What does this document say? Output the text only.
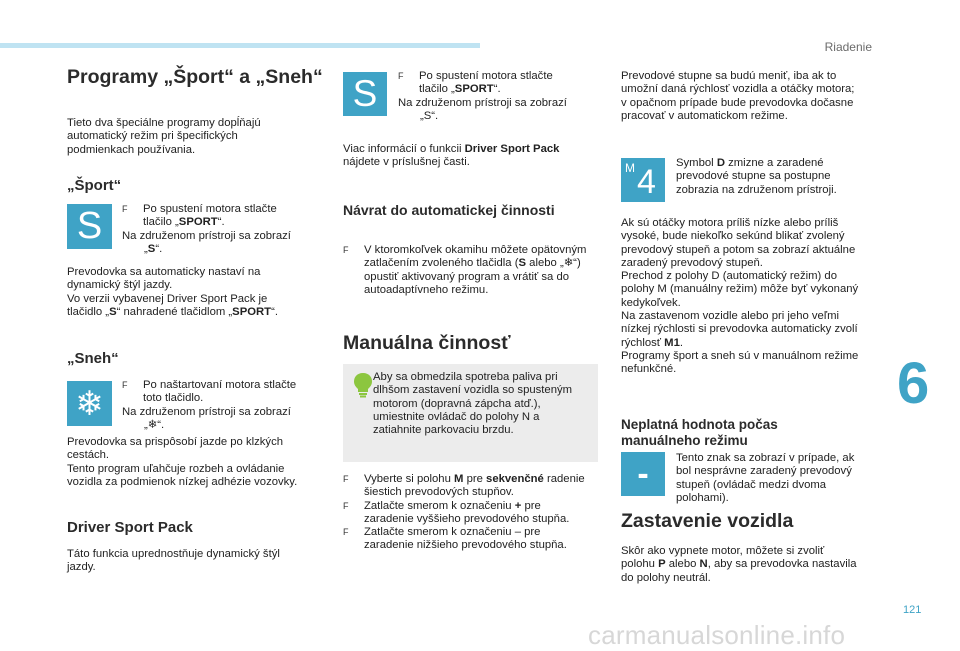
Riadenie
Programy „Šport“ a „Sneh“
Tieto dva špeciálne programy dopĺňajú
automatický režim pri špecifických
podmienkach používania.
„Šport“
S	F	Po spustení motora stlačte
tlačilo „SPORT“.
Na združenom prístroji sa zobrazí
„S“.
Prevodovka sa automaticky nastaví na
dynamický štýl jazdy.
Vo verzii vybavenej Driver Sport Pack je
tlačidlo „S“ nahradené tlačidlom „SPORT“.
„Sneh“
❄	F	Po naštartovaní motora stlačte
toto tlačidlo.
Na združenom prístroji sa zobrazí
„❄“.
Prevodovka sa prispôsobí jazde po klzkých
cestách.
Tento program uľahčuje rozbeh a ovládanie
vozidla za podmienok nízkej adhézie vozovky.
Driver Sport Pack
Táto funkcia uprednostňuje dynamický štýl
jazdy.
S	F	Po spustení motora stlačte
tlačilo „SPORT“.
Na združenom prístroji sa zobrazí
„S“.
Viac informácií o funkcii Driver Sport Pack
nájdete v príslušnej časti.
Návrat do automatickej činnosti
F	V ktoromkoľvek okamihu môžete opätovným
zatlačením zvoleného tlačidla (S alebo „❄“)
opustiť aktivovaný program a vrátiť sa do
autoadaptívneho režimu.
Manuálna činnosť
Aby sa obmedzila spotreba paliva pri
dlhšom zastavení vozidla so spusteným
motorom (dopravná zápcha atď.),
umiestnite ovládač do polohy N a
zatiahnite parkovaciu brzdu.
F	Vyberte si polohu M pre sekvenčné radenie
šiestich prevodových stupňov.
F	Zatlačte smerom k označeniu + pre
zaradenie vyššieho prevodového stupňa.
F	Zatlačte smerom k označeniu – pre
zaradenie nižšieho prevodového stupňa.
Prevodové stupne sa budú meniť, iba ak to
umožní daná rýchlosť vozidla a otáčky motora;
v opačnom prípade bude prevodovka dočasne
pracovať v automatickom režime.
M 4 Symbol D zmizne a zaradené
prevodové stupne sa postupne
zobrazia na združenom prístroji.
Ak sú otáčky motora príliš nízke alebo príliš
vysoké, bude niekoľko sekúnd blikať zvolený
prevodový stupeň a potom sa zobrazí aktuálne
zaradený prevodový stupeň.
Prechod z polohy D (automatický režim) do
polohy M (manuálny režim) môže byť vykonaný
kedykoľvek.
Na zastavenom vozidle alebo pri jeho veľmi
nízkej rýchlosti si prevodovka automaticky zvolí
rýchlosť M1.
Programy šport a sneh sú v manuálnom režime
nefunkčné.
Neplatná hodnota počas
manuálneho režimu
-	Tento znak sa zobrazí v prípade, ak
bol nesprávne zaradený prevodový
stupeň (ovládač medzi dvoma
polohami).
Zastavenie vozidla
Skôr ako vypnete motor, môžete si zvoliť
polohu P alebo N, aby sa prevodovka nastavila
do polohy neutrál.
6
121
carmanualsonline.info
